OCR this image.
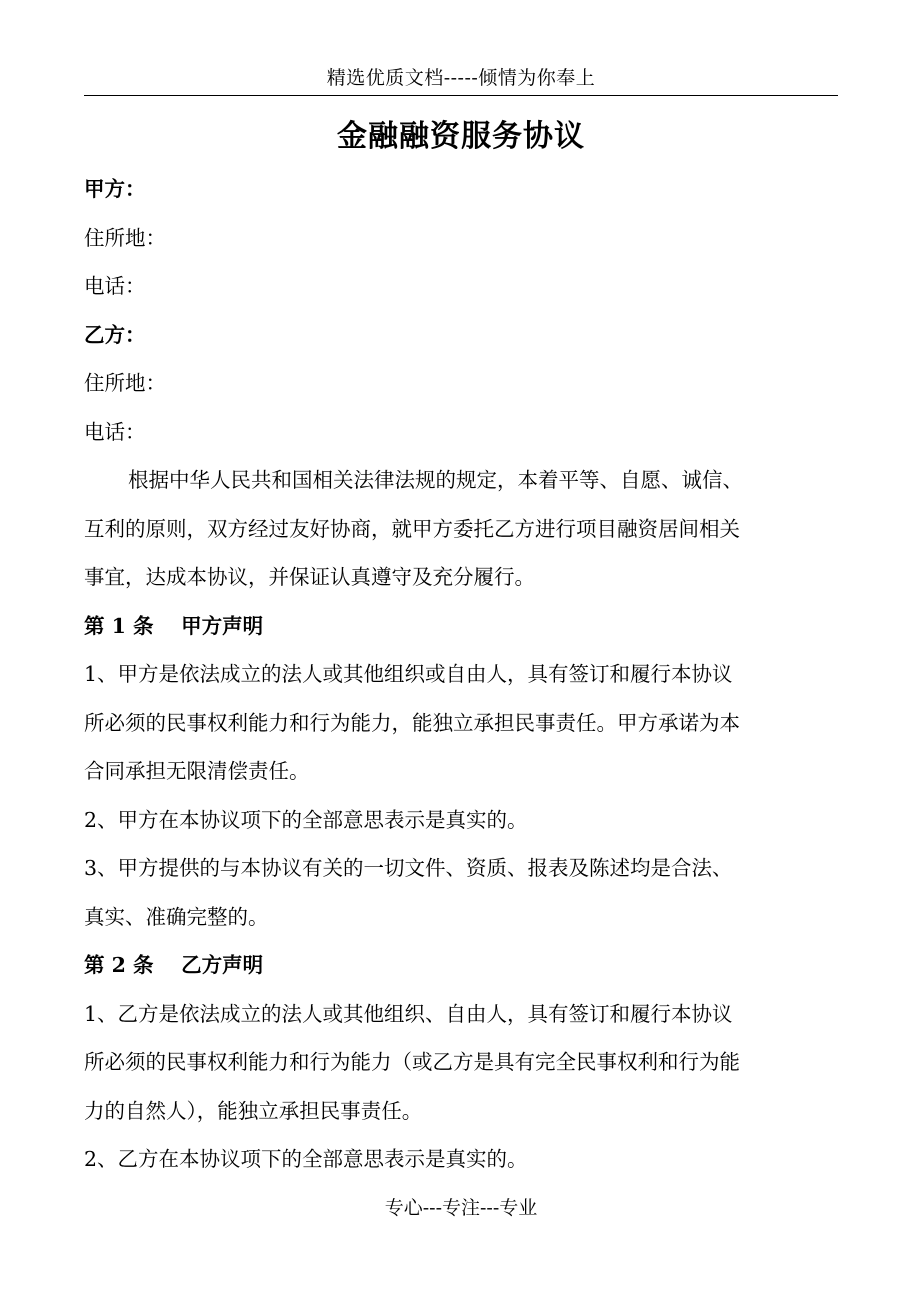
精选优质文档-----倾情为你奉上
金融融资服务协议
甲方：
住所地：
电话：
乙方：
住所地：
电话：
根据中华人民共和国相关法律法规的规定，本着平等、自愿、诚信、
互利的原则，双方经过友好协商，就甲方委托乙方进行项目融资居间相关
事宜，达成本协议，并保证认真遵守及充分履行。
第 1 条　 甲方声明
1、甲方是依法成立的法人或其他组织或自由人，具有签订和履行本协议
所必须的民事权利能力和行为能力，能独立承担民事责任。甲方承诺为本
合同承担无限清偿责任。
2、甲方在本协议项下的全部意思表示是真实的。
3、甲方提供的与本协议有关的一切文件、资质、报表及陈述均是合法、
真实、准确完整的。
第 2 条　 乙方声明
1、乙方是依法成立的法人或其他组织、自由人，具有签订和履行本协议
所必须的民事权利能力和行为能力（或乙方是具有完全民事权利和行为能
力的自然人），能独立承担民事责任。
2、乙方在本协议项下的全部意思表示是真实的。
专心---专注---专业
